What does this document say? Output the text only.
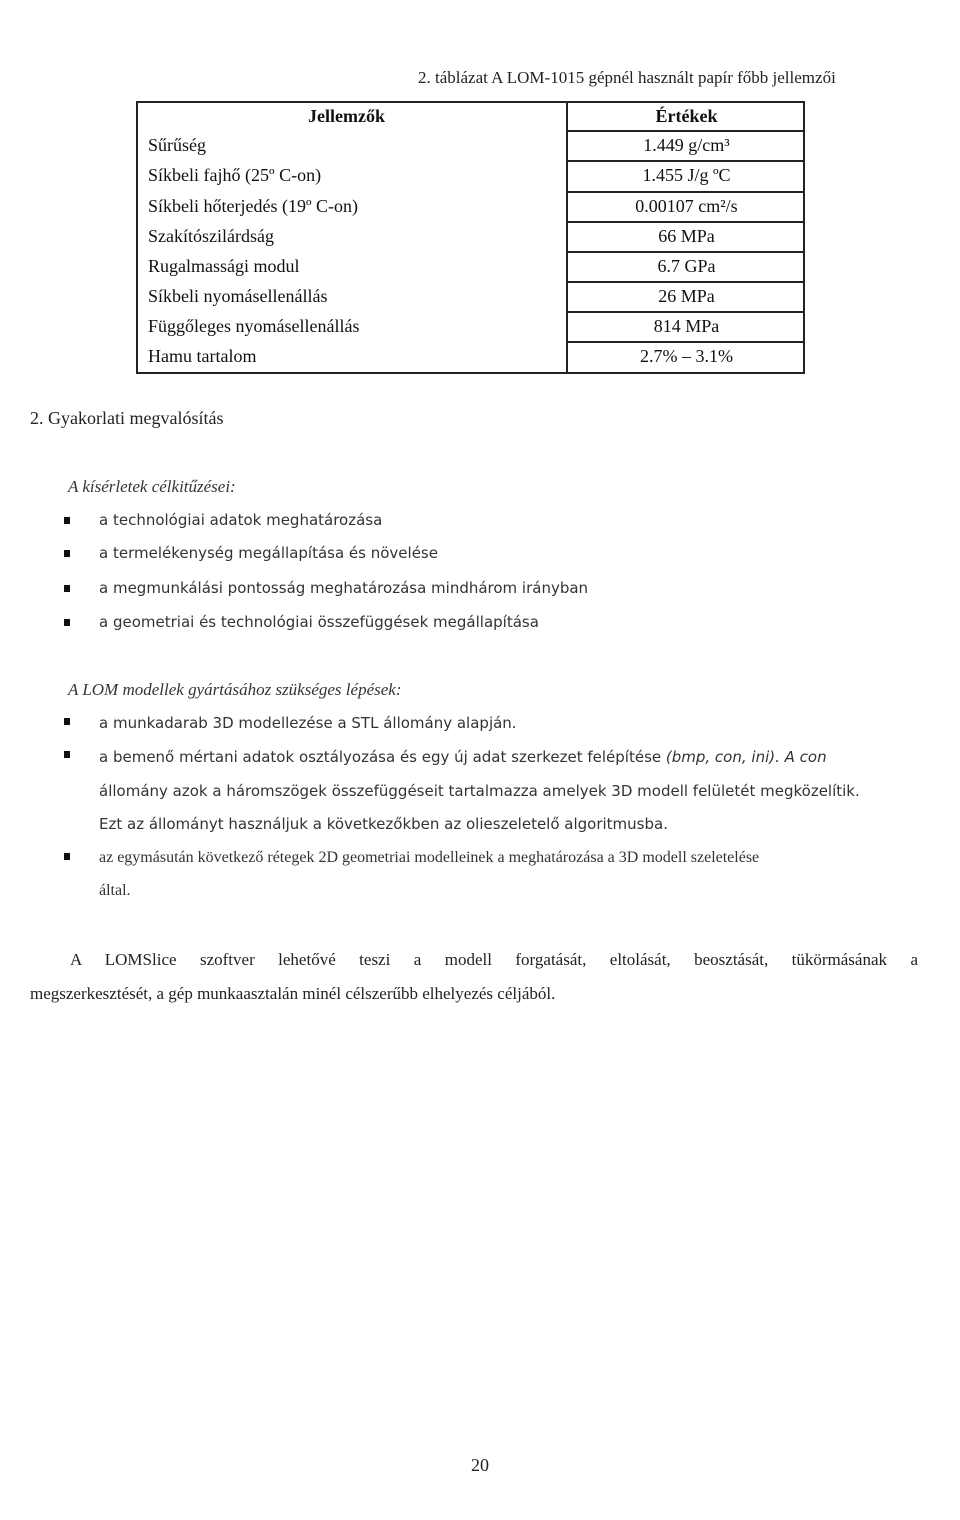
2. táblázat A LOM-1015 gépnél használt papír főbb jellemzői
Jellemzők	Értékek
Sűrűség	1.449 g/cm³
Síkbeli fajhő (25º C-on)	1.455 J/g ºC
Síkbeli hőterjedés (19º C-on)	0.00107 cm²/s
Szakítószilárdság	66 MPa
Rugalmassági modul	6.7 GPa
Síkbeli nyomásellenállás	26 MPa
Függőleges nyomásellenállás	814 MPa
Hamu tartalom	2.7% – 3.1%
2. Gyakorlati megvalósítás
A kísérletek célkitűzései:
a technológiai adatok meghatározása
a termelékenység megállapítása és növelése
a megmunkálási pontosság meghatározása mindhárom irányban
a geometriai és technológiai összefüggések megállapítása
A LOM modellek gyártásához szükséges lépések:
a munkadarab 3D modellezése a STL állomány alapján.
a bemenő mértani adatok osztályozása és egy új adat szerkezet felépítése (bmp, con, ini). A con
állomány azok a háromszögek összefüggéseit tartalmazza amelyek 3D modell felületét megközelítik.
Ezt az állományt használjuk a következőkben az olieszeletelő algoritmusba.
az egymásután következő rétegek 2D geometriai modelleinek a meghatározása a 3D modell szeletelése
által.
A LOMSlice szoftver lehetővé teszi a modell forgatását, eltolását, beosztását, tükörmásának a
megszerkesztését, a gép munkaasztalán minél célszerűbb elhelyezés céljából.
20
